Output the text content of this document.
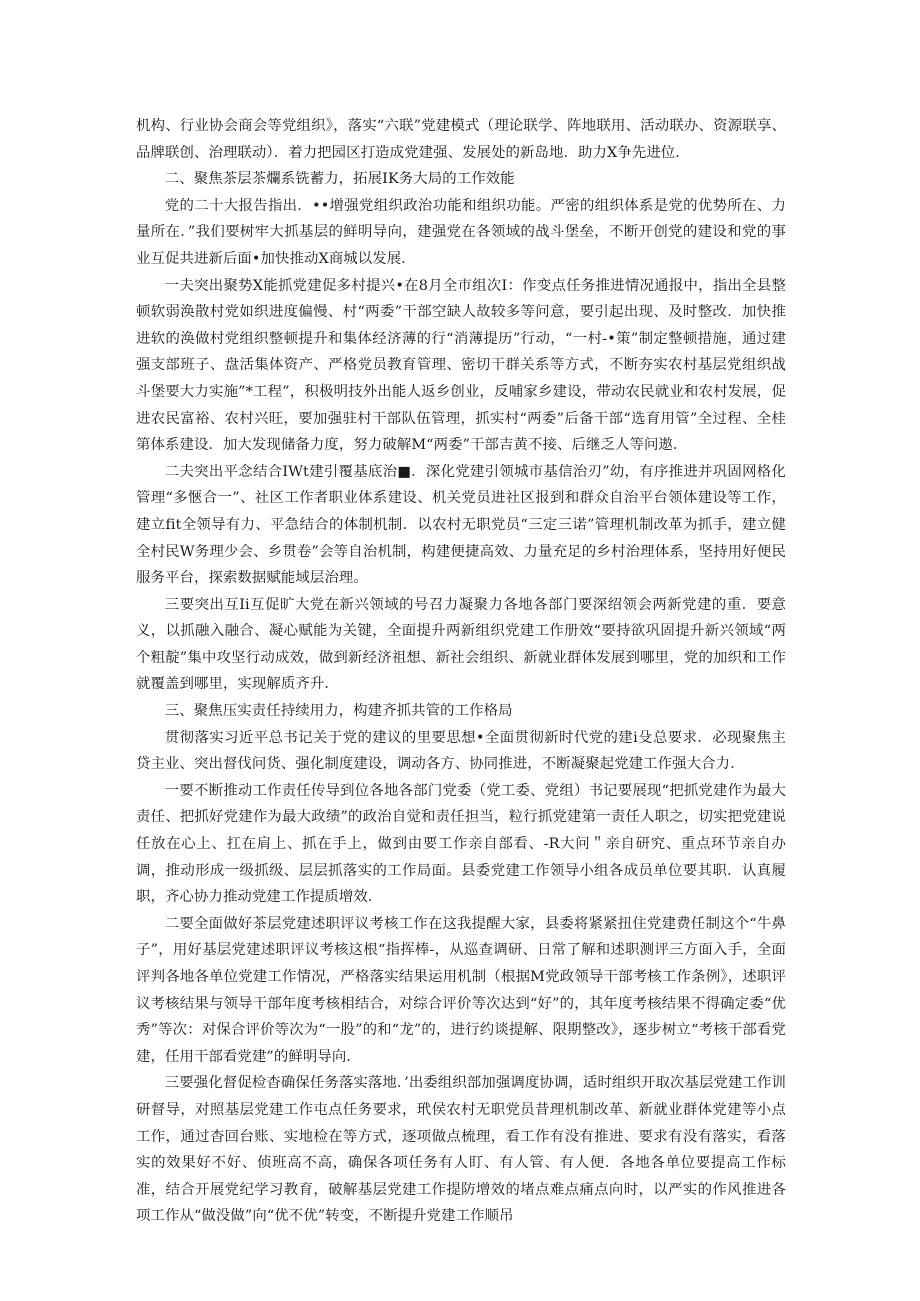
机构、行业协会商会等党组织》，落实“六联”党建模式（理论联学、阵地联用、活动联办、资源联享、品牌联创、治理联动）．着力把园区打造成党建强、发展处的新岛地．助力X争先进位．

二、聚焦茶层茶爛系铣蓄力，拓展IK务大局的工作效能

党的二十大报告指出．••增强党组织政治功能和组织功能。严密的组织体系是党的优势所在、力量所在．”我们要树牢大抓基层的鲜明导向，建强党在各领域的战斗堡垒，不断开创党的建设和党的事业互促共进新后面•加快推动X商城以发展．

一夫突出聚势X能抓党建促多村提兴•在8月全市组次I：作变点任务推进情况通报中，指出全县整顿软弱涣散村党如织进度偏慢、村“两委”干部空缺人故较多等问意，要引起出现、及时整改．加快推进软的涣做村党组织整顿提升和集体经济薄的行“消薄提历”行动，“一村-•策”制定整顿措施，通过建强支部班子、盘活集体资产、严格党员教育管理、密切干群关系等方式，不断夯实农村基层党组织战斗堡要大力实施”*工程”，积极明技外出能人返乡创业，反哺家乡建设，带动农民就业和农村发展，促进农民富裕、农村兴旺，要加强驻村干部队伍管理，抓实村“两委”后备干部“选育用管”全过程、全桂第体系建设．加大发现储备力度，努力破解M“两委”干部吉黄不接、后继乏人等问遨．

二夫突出平念结合IWt建引覆基底治■．深化党建引领城市基信治刃”幼，有序推进并巩固网格化管理“多愜合一”、社区工作者职业体系建设、机关党员进社区报到和群众自治平台领体建设等工作，建立fit全领导有力、平急结合的体制机制．以农村无职党员“三定三诺”管理机制改革为抓手，建立健全村民W务理少会、乡贯卷”会等自治机制，构建便捷高效、力量充足的乡村治理体系，坚持用好便民服务平台，探索数据赋能域层治理。

三要突出互Ii互促旷大党在新兴领域的号召力凝聚力各地各部门要深绍领会两新党建的重．要意义，以抓融入融合、凝心赋能为关键，全面提升两新组织党建工作册效“要持欲巩固提升新兴领域“两个粗靛”集中攻坚行动成效，做到新经济祖想、新社会组织、新就业群体发展到哪里，党的加织和工作就覆盖到哪里，实现解质齐升．

三、聚焦压实责任持续用力，构建齐抓共管的工作格局

贯彻落实习近平总书记关于党的建议的里要思想•全面贯彻新时代党的建i殳总要求．必现聚焦主贷主业、突出督伐问货、强化制度建设，调动各方、协同推进，不断凝聚起党建工作强大合力．

一要不断推动工作责任传导到位各地各部门党委（党工委、党组）书记要展现“把抓党建作为最大责任、把抓好党建作为最大政绩”的政治自觉和责任担当，粒行抓党建第一责任人职之，切实把党建说任放在心上、扛在肩上、抓在手上，做到由要工作亲自部看、-R大问＂亲自研究、重点环节亲自办调，推动形成一级抓级、层层抓落实的工作局面。县委党建工作领导小组各成员单位要其职．认真履职，齐心协力推动党建工作提质增效．

二要全面做好茶层党建述职评议考核工作在这我提醒大家，县委将紧紧扭住党建费任制这个“牛鼻子”，用好基层党建述职评议考核这根“指挥棒-，从巡查调研、日常了解和述职测评三方面入手，全面评判各地各单位党建工作情况，严格落实结果运用机制（根据M党政领导干部考核工作条例》，述职评议考核结果与领导干部年度考核相结合，对综合评价等次达到“好”的，其年度考核结果不得确定委“优秀”等次：对保合评价等次为“一股”的和“龙”的，进行约谈提解、限期整改》，逐步树立“考核干部看党建，任用干部看党建”的鲜明导向．

三要强化督促检杳确保任务落实落地．’出委组织部加强调度协调，适时组织开取次基层党建工作训研督导，对照基层党建工作屯点任务要求，玳侯农村无职党员昔理机制改革、新就业群体党建等小点工作，通过杳回台账、实地检在等方式，逐项做点梳理，看工作有没有推进、要求有没有落实，看落实的效果好不好、侦班高不高，确保各项任务有人盯、有人管、有人便．各地各单位要提高工作标准，结合开展党纪学习教育，破解基层党建工作提防增效的堵点难点痛点向时，以严实的作风推进各项工作从“做没做”向“优不优”转变，不断提升党建工作顺吊
